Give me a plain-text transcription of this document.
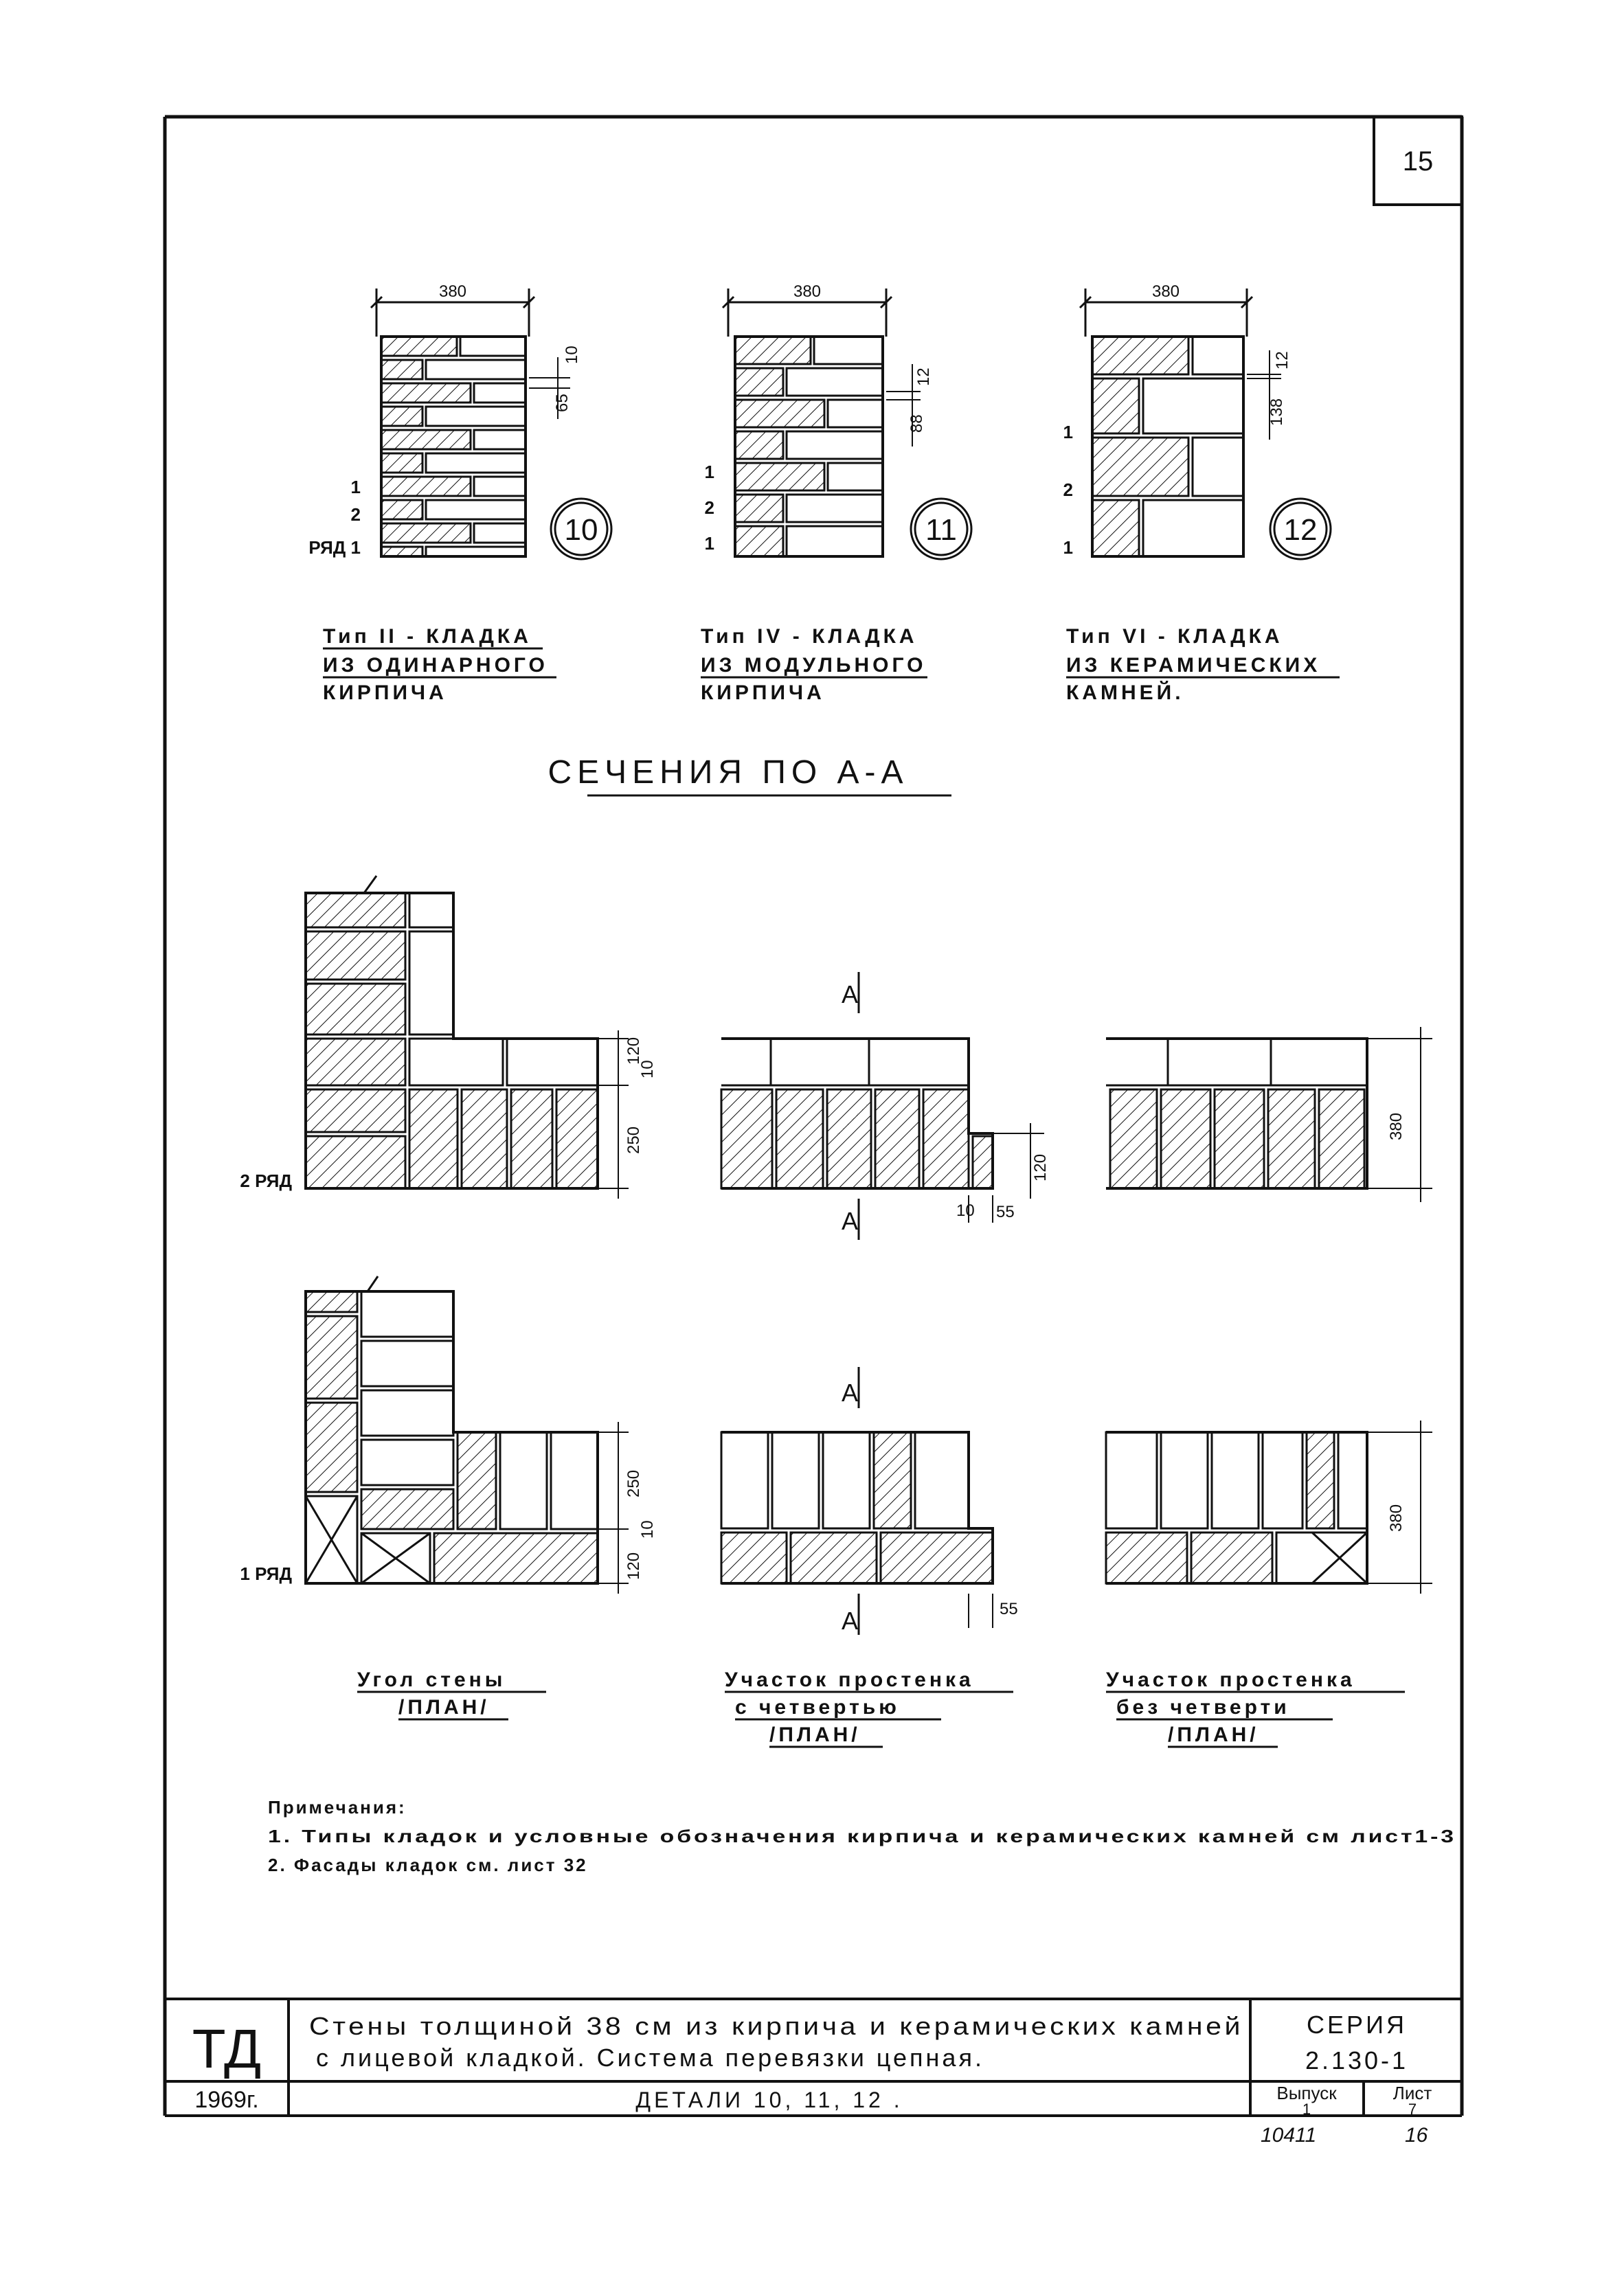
15
380
10
65
10
1
2
РЯД 1
Тип II - КЛАДКА
ИЗ ОДИНАРНОГО
КИРПИЧА
380
12
88
11
1
2
1
Тип IV - КЛАДКА
ИЗ МОДУЛЬНОГО
КИРПИЧА
380
12
138
12
1
2
1
Тип VI - КЛАДКА
ИЗ КЕРАМИЧЕСКИХ
КАМНЕЙ.
СЕЧЕНИЯ ПО А-А
120
10
250
2 РЯД
А
А
120
10 55
380
250
10
120
1 РЯД
А
А	55
380
Угол стены
/ПЛАН/
Участок простенка
с четвертью
/ПЛАН/
Участок простенка
без четверти
/ПЛАН/
Примечания:
1. Типы кладок и условные обозначения кирпича и керамических камней см лист1-3
2. Фасады кладок см. лист 32
ТД Стены толщиной 38 см из кирпича и керамических камней
с лицевой кладкой. Система перевязки цепная.
СЕРИЯ
2.130-1
1969г.	ДЕТАЛИ 10, 11, 12 .	Выпуск
1
Лист
7
10411	16
